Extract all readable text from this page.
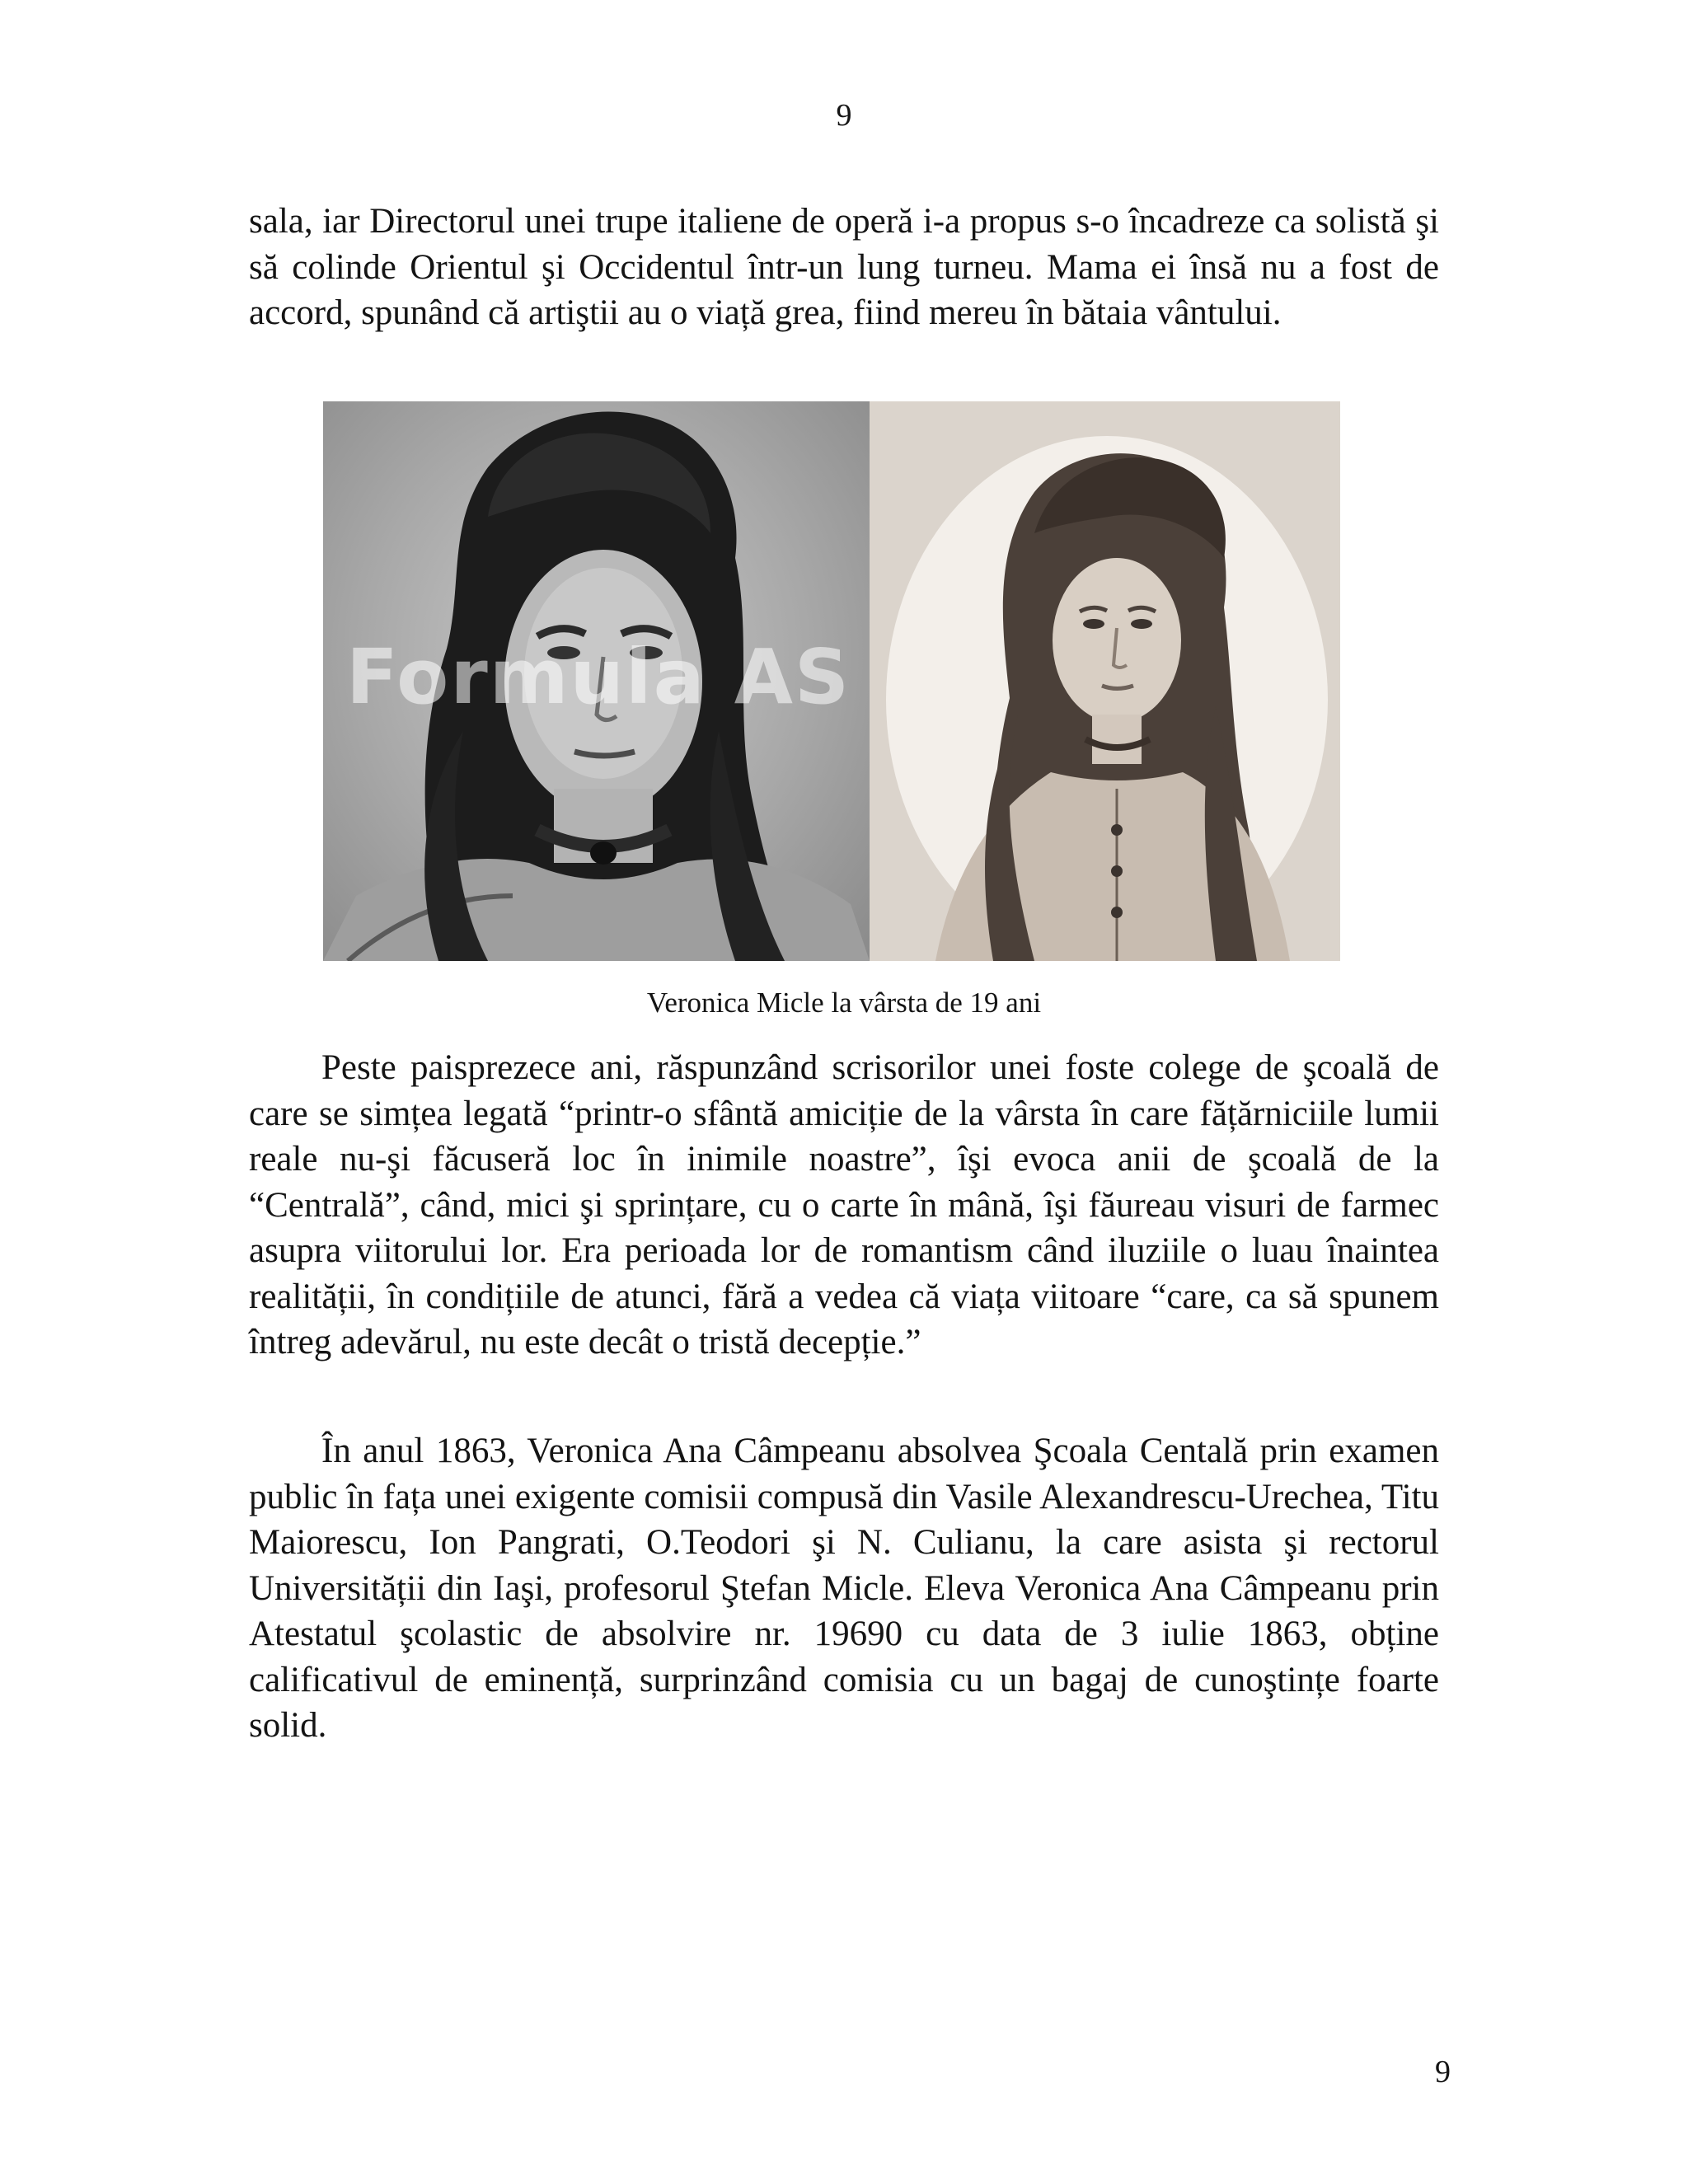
9

sala, iar Directorul unei trupe italiene de operă i-a propus s-o încadreze ca solistă şi să colinde Orientul şi Occidentul într-un lung turneu. Mama ei însă nu a fost de accord, spunând că artiştii au o viață grea, fiind mereu în bătaia vântului.

Formula AS
Veronica Micle la vârsta de 19 ani

Peste paisprezece ani, răspunzând scrisorilor unei foste colege de şcoală de care se simțea legată “printr-o sfântă amiciție de la vârsta în care fățărniciile lumii reale nu-şi făcuseră loc în inimile noastre”, îşi evoca anii de şcoală de la “Centrală”, când, mici şi sprințare, cu o carte în mână, îşi făureau visuri de farmec asupra viitorului lor. Era perioada lor de romantism când iluziile o luau înaintea realității, în condițiile de atunci, fără a vedea că viața viitoare “care, ca să spunem întreg adevărul, nu este decât o tristă decepție.”

În anul 1863, Veronica Ana Câmpeanu absolvea Şcoala Centală prin examen public în fața unei exigente comisii compusă din Vasile Alexandrescu-Urechea, Titu Maiorescu, Ion Pangrati, O.Teodori şi N. Culianu, la care asista şi rectorul Universității din Iaşi, profesorul Ştefan Micle. Eleva Veronica Ana Câmpeanu prin Atestatul şcolastic de absolvire nr. 19690 cu data de 3 iulie 1863, obține calificativul de eminență, surprinzând comisia cu un bagaj de cunoştințe foarte solid.

9
